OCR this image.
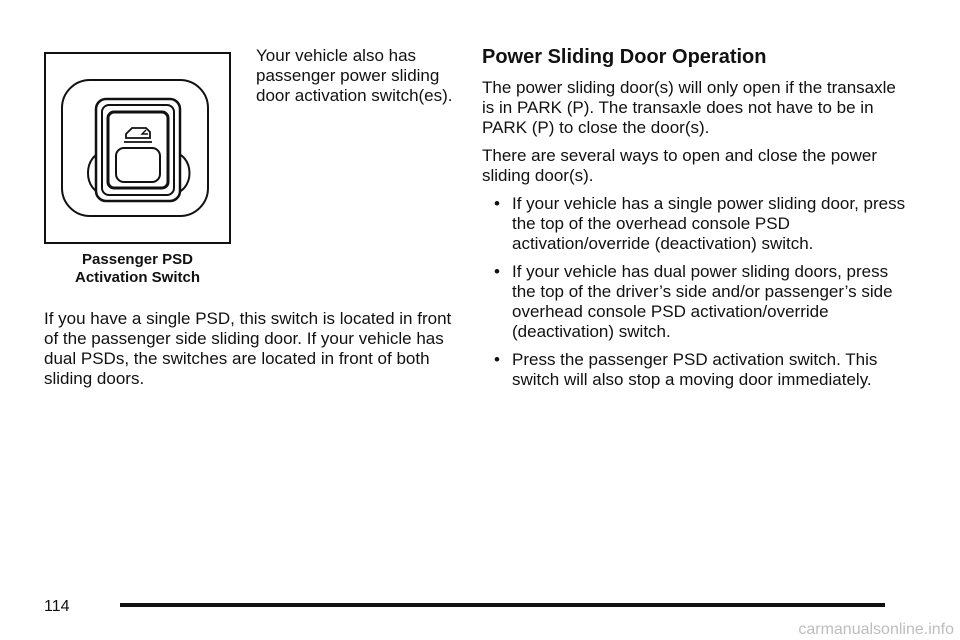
Passenger PSD
Activation Switch

Your vehicle also has passenger power sliding door activation switch(es).

If you have a single PSD, this switch is located in front of the passenger side sliding door. If your vehicle has dual PSDs, the switches are located in front of both sliding doors.

Power Sliding Door Operation

The power sliding door(s) will only open if the transaxle is in PARK (P). The transaxle does not have to be in PARK (P) to close the door(s).

There are several ways to open and close the power sliding door(s).

• If your vehicle has a single power sliding door, press the top of the overhead console PSD activation/override (deactivation) switch.
• If your vehicle has dual power sliding doors, press the top of the driver’s side and/or passenger’s side overhead console PSD activation/override (deactivation) switch.
• Press the passenger PSD activation switch. This switch will also stop a moving door immediately.
114
carmanualsonline.info
